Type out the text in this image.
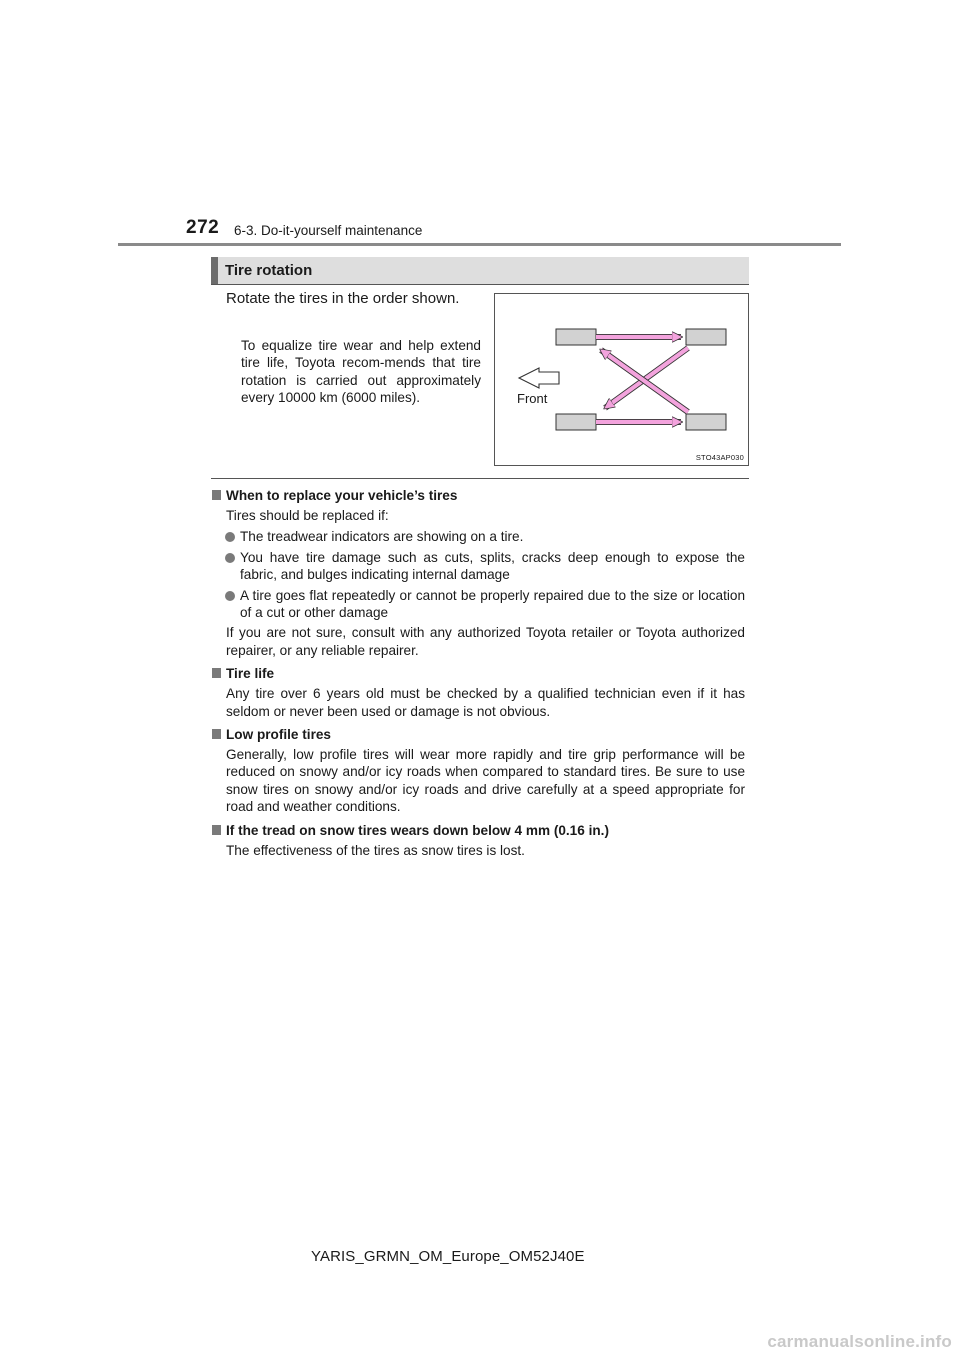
272 6-3. Do-it-yourself maintenance
Tire rotation
Rotate the tires in the order shown.
To equalize tire wear and help extend tire life, Toyota recom-mends that tire rotation is carried out approximately every 10000 km (6000 miles).	Front
STO43AP030
When to replace your vehicle’s tires
Tires should be replaced if:
The treadwear indicators are showing on a tire.
You have tire damage such as cuts, splits, cracks deep enough to expose the fabric, and bulges indicating internal damage
A tire goes flat repeatedly or cannot be properly repaired due to the size or location of a cut or other damage
If you are not sure, consult with any authorized Toyota retailer or Toyota authorized repairer, or any reliable repairer.
Tire life
Any tire over 6 years old must be checked by a qualified technician even if it has seldom or never been used or damage is not obvious.
Low profile tires
Generally, low profile tires will wear more rapidly and tire grip performance will be reduced on snowy and/or icy roads when compared to standard tires. Be sure to use snow tires on snowy and/or icy roads and drive carefully at a speed appropriate for road and weather conditions.
If the tread on snow tires wears down below 4 mm (0.16 in.)
The effectiveness of the tires as snow tires is lost.
YARIS_GRMN_OM_Europe_OM52J40E
carmanualsonline.info
